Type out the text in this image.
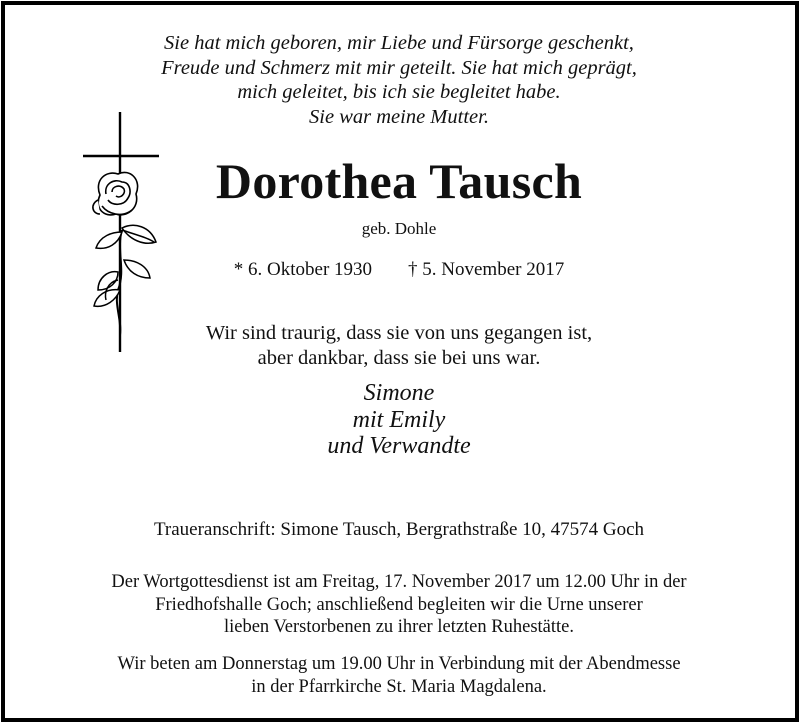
Sie hat mich geboren, mir Liebe und Fürsorge geschenkt,
Freude und Schmerz mit mir geteilt. Sie hat mich geprägt,
mich geleitet, bis ich sie begleitet habe.
Sie war meine Mutter.

Dorothea Tausch

geb. Dohle

* 6. Oktober 1930 † 5. November 2017

Wir sind traurig, dass sie von uns gegangen ist,
aber dankbar, dass sie bei uns war.

Simone
mit Emily
und Verwandte

Traueranschrift: Simone Tausch, Bergrathstraße 10, 47574 Goch

Der Wortgottesdienst ist am Freitag, 17. November 2017 um 12.00 Uhr in der
Friedhofshalle Goch; anschließend begleiten wir die Urne unserer
lieben Verstorbenen zu ihrer letzten Ruhestätte.

Wir beten am Donnerstag um 19.00 Uhr in Verbindung mit der Abendmesse
in der Pfarrkirche St. Maria Magdalena.
